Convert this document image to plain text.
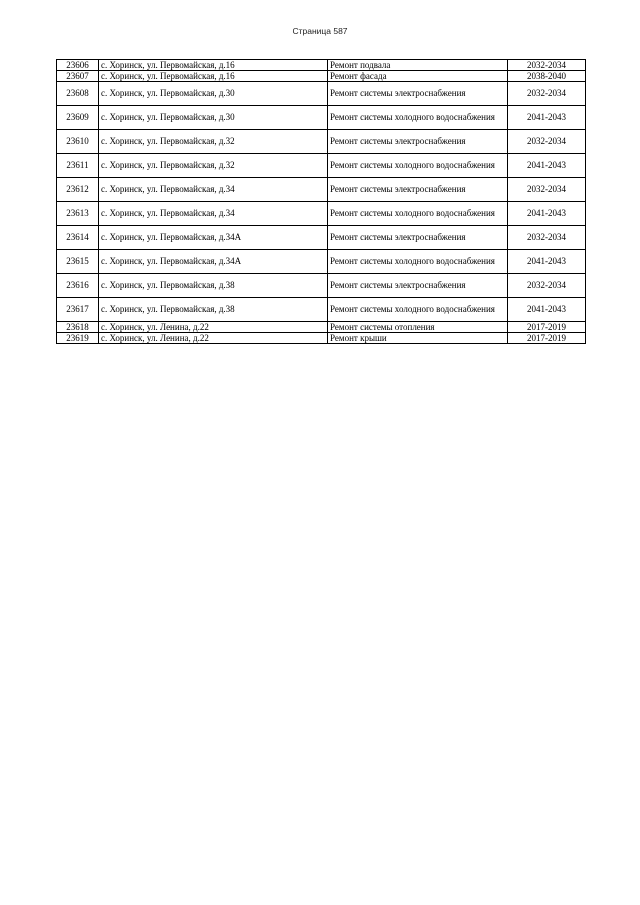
Страница 587
23606	с. Хоринск, ул. Первомайская, д.16	Ремонт подвала	2032-2034
23607	с. Хоринск, ул. Первомайская, д.16	Ремонт фасада	2038-2040
23608	с. Хоринск, ул. Первомайская, д.30	Ремонт системы электроснабжения	2032-2034
23609	с. Хоринск, ул. Первомайская, д.30	Ремонт системы холодного водоснабжения	2041-2043
23610	с. Хоринск, ул. Первомайская, д.32	Ремонт системы электроснабжения	2032-2034
23611	с. Хоринск, ул. Первомайская, д.32	Ремонт системы холодного водоснабжения	2041-2043
23612	с. Хоринск, ул. Первомайская, д.34	Ремонт системы электроснабжения	2032-2034
23613	с. Хоринск, ул. Первомайская, д.34	Ремонт системы холодного водоснабжения	2041-2043
23614	с. Хоринск, ул. Первомайская, д.34А	Ремонт системы электроснабжения	2032-2034
23615	с. Хоринск, ул. Первомайская, д.34А	Ремонт системы холодного водоснабжения	2041-2043
23616	с. Хоринск, ул. Первомайская, д.38	Ремонт системы электроснабжения	2032-2034
23617	с. Хоринск, ул. Первомайская, д.38	Ремонт системы холодного водоснабжения	2041-2043
23618	с. Хоринск, ул. Ленина, д.22	Ремонт системы отопления	2017-2019
23619	с. Хоринск, ул. Ленина, д.22	Ремонт крыши	2017-2019
